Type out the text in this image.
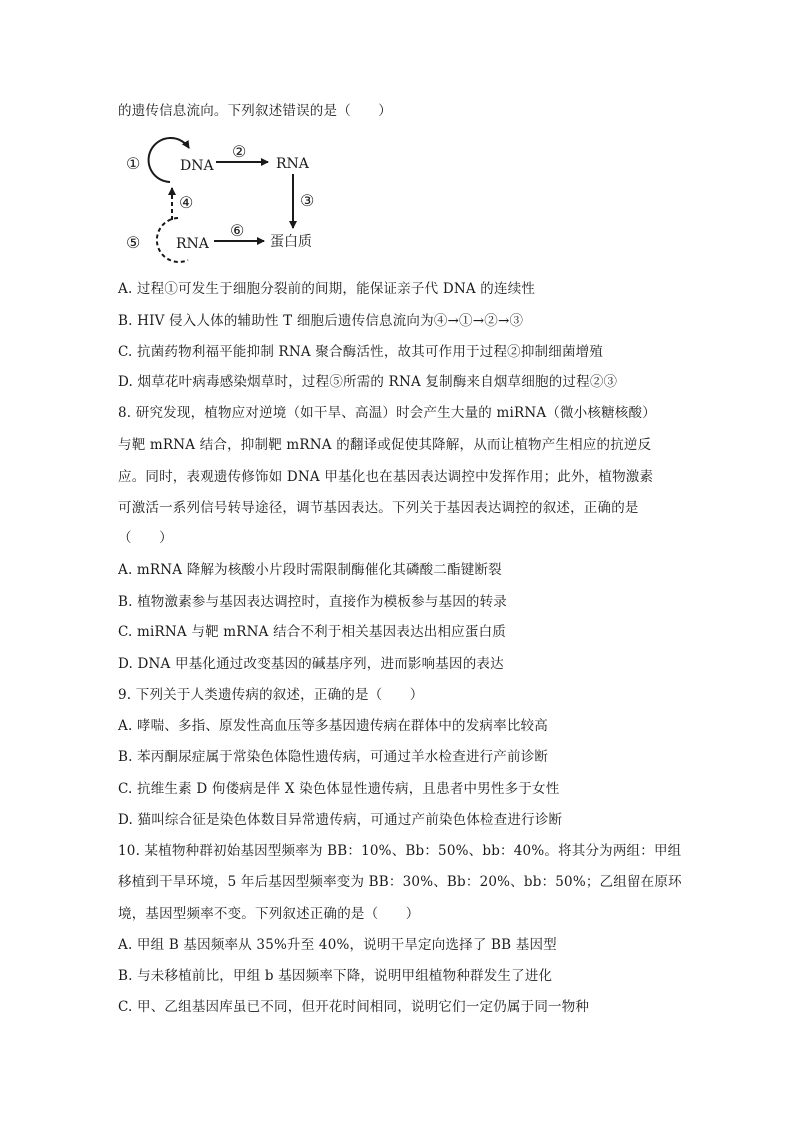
的遗传信息流向。下列叙述错误的是（　　）
①	DNA
②
RNA
③
④
⑤	RNA
⑥
蛋白质
A. 过程①可发生于细胞分裂前的间期，能保证亲子代 DNA 的连续性
B. HIV 侵入人体的辅助性 T 细胞后遗传信息流向为④→①→②→③
C. 抗菌药物利福平能抑制 RNA 聚合酶活性，故其可作用于过程②抑制细菌增殖
D. 烟草花叶病毒感染烟草时，过程⑤所需的 RNA 复制酶来自烟草细胞的过程②③
8. 研究发现，植物应对逆境（如干旱、高温）时会产生大量的 miRNA（微小核糖核酸）
与靶 mRNA 结合，抑制靶 mRNA 的翻译或促使其降解，从而让植物产生相应的抗逆反
应。同时，表观遗传修饰如 DNA 甲基化也在基因表达调控中发挥作用；此外，植物激素
可激活一系列信号转导途径，调节基因表达。下列关于基因表达调控的叙述，正确的是
（　　）
A. mRNA 降解为核酸小片段时需限制酶催化其磷酸二酯键断裂
B. 植物激素参与基因表达调控时，直接作为模板参与基因的转录
C. miRNA 与靶 mRNA 结合不利于相关基因表达出相应蛋白质
D. DNA 甲基化通过改变基因的碱基序列，进而影响基因的表达
9. 下列关于人类遗传病的叙述，正确的是（　　）
A. 哮喘、多指、原发性高血压等多基因遗传病在群体中的发病率比较高
B. 苯丙酮尿症属于常染色体隐性遗传病，可通过羊水检查进行产前诊断
C. 抗维生素 D 佝偻病是伴 X 染色体显性遗传病，且患者中男性多于女性
D. 猫叫综合征是染色体数目异常遗传病，可通过产前染色体检查进行诊断
10. 某植物种群初始基因型频率为 BB：10%、Bb：50%、bb：40%。将其分为两组：甲组
移植到干旱环境，5 年后基因型频率变为 BB：30%、Bb：20%、bb：50%；乙组留在原环
境，基因型频率不变。下列叙述正确的是（　　）
A. 甲组 B 基因频率从 35%升至 40%，说明干旱定向选择了 BB 基因型
B. 与未移植前比，甲组 b 基因频率下降，说明甲组植物种群发生了进化
C. 甲、乙组基因库虽已不同，但开花时间相同，说明它们一定仍属于同一物种
